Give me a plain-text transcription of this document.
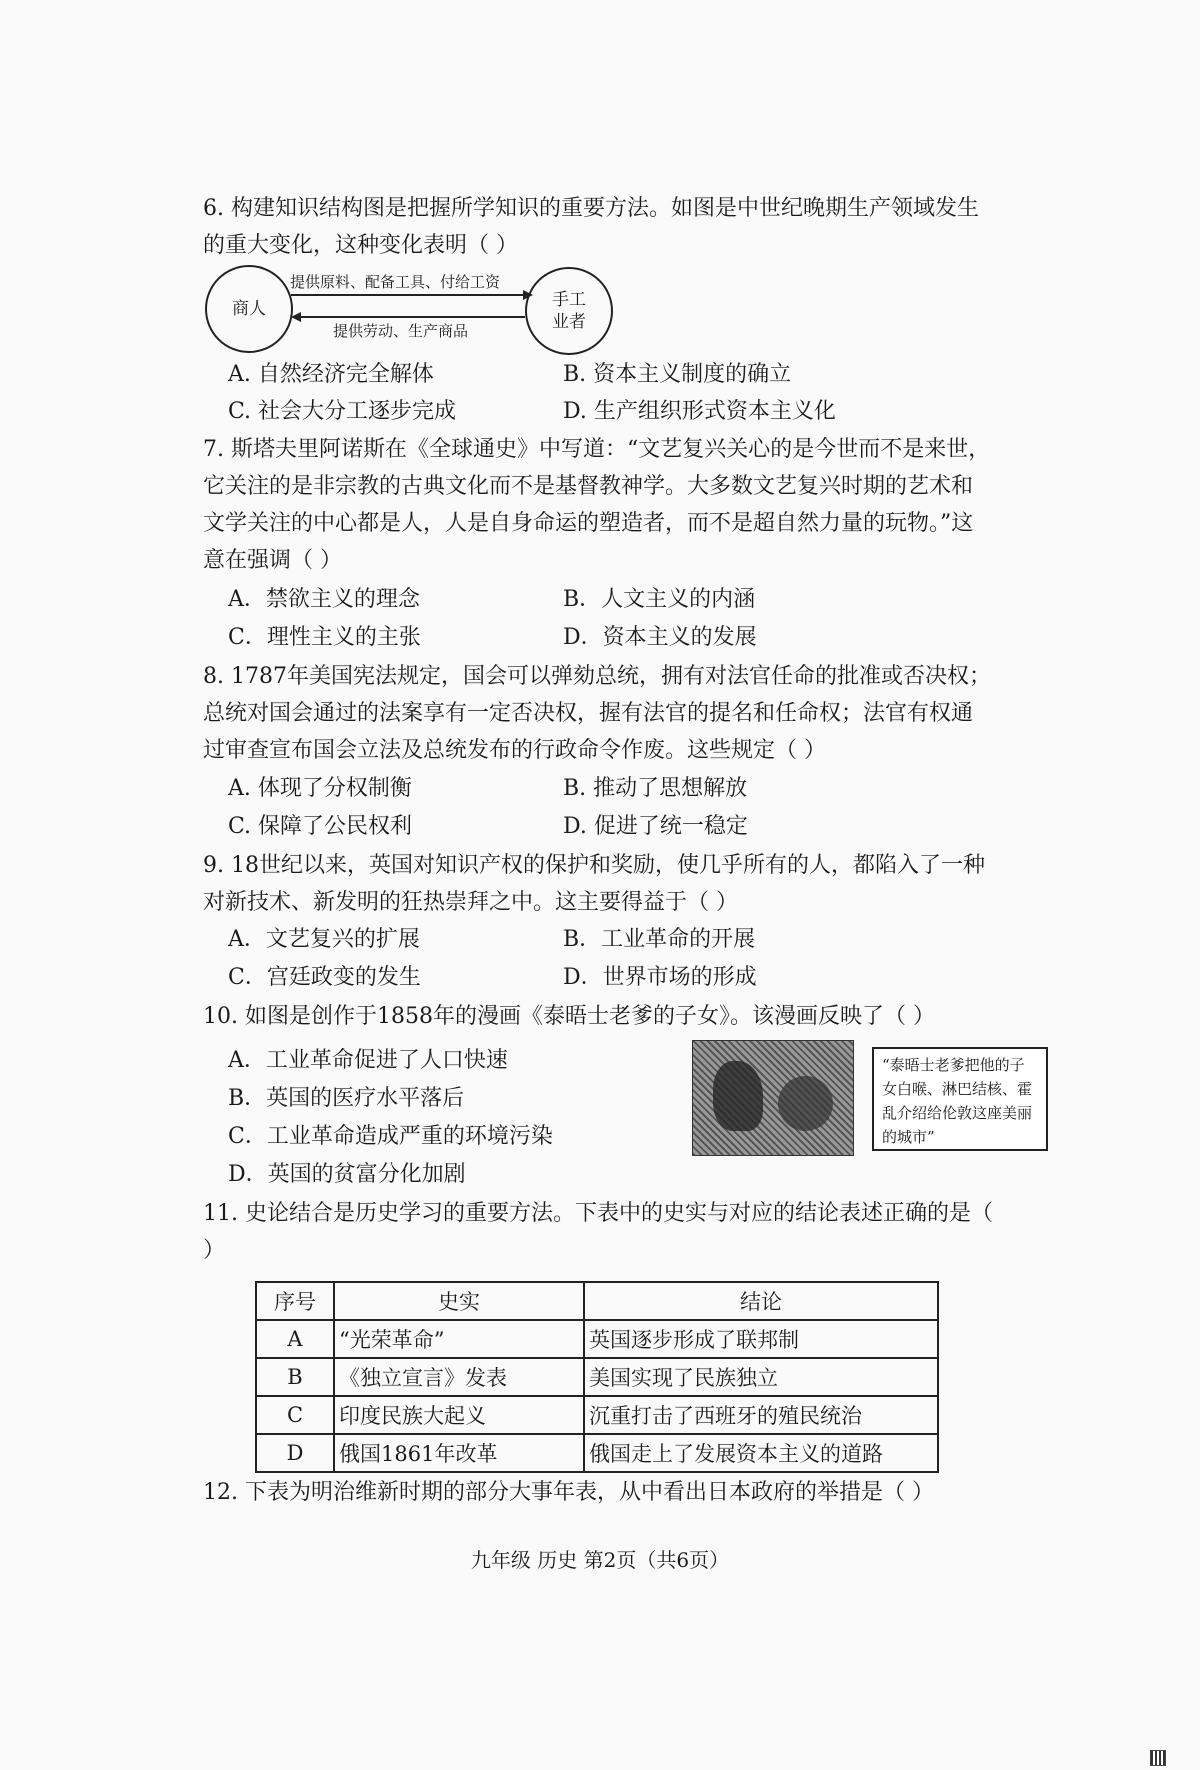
6. 构建知识结构图是把握所学知识的重要方法。如图是中世纪晚期生产领域发生的重大变化，这种变化表明（ ）
商人	手工
业者
提供原料、配备工具、付给工资
提供劳动、生产商品
A. 自然经济完全解体	B. 资本主义制度的确立
C. 社会大分工逐步完成	D. 生产组织形式资本主义化
7. 斯塔夫里阿诺斯在《全球通史》中写道：“文艺复兴关心的是今世而不是来世，它关注的是非宗教的古典文化而不是基督教神学。大多数文艺复兴时期的艺术和文学关注的中心都是人，人是自身命运的塑造者，而不是超自然力量的玩物。”这意在强调（ ）
A．禁欲主义的理念	B．人文主义的内涵
C．理性主义的主张	D．资本主义的发展
8. 1787年美国宪法规定，国会可以弹劾总统，拥有对法官任命的批准或否决权；总统对国会通过的法案享有一定否决权，握有法官的提名和任命权；法官有权通过审查宣布国会立法及总统发布的行政命令作废。这些规定（ ）
A. 体现了分权制衡	B. 推动了思想解放
C. 保障了公民权利	D. 促进了统一稳定
9. 18世纪以来，英国对知识产权的保护和奖励，使几乎所有的人，都陷入了一种对新技术、新发明的狂热崇拜之中。这主要得益于（ ）
A．文艺复兴的扩展	B．工业革命的开展
C．宫廷政变的发生	D．世界市场的形成
10. 如图是创作于1858年的漫画《泰晤士老爹的子女》。该漫画反映了（ ）
A．工业革命促进了人口快速
B．英国的医疗水平落后
C．工业革命造成严重的环境污染
D．英国的贫富分化加剧
“泰晤士老爹把他的子女白喉、淋巴结核、霍乱介绍给伦敦这座美丽的城市”
11. 史论结合是历史学习的重要方法。下表中的史实与对应的结论表述正确的是（ ）
序号	史实	结论
A	“光荣革命”	英国逐步形成了联邦制
B	《独立宣言》发表	美国实现了民族独立
C	印度民族大起义	沉重打击了西班牙的殖民统治
D	俄国1861年改革	俄国走上了发展资本主义的道路
12. 下表为明治维新时期的部分大事年表，从中看出日本政府的举措是（ ）
九年级 历史 第2页（共6页）
